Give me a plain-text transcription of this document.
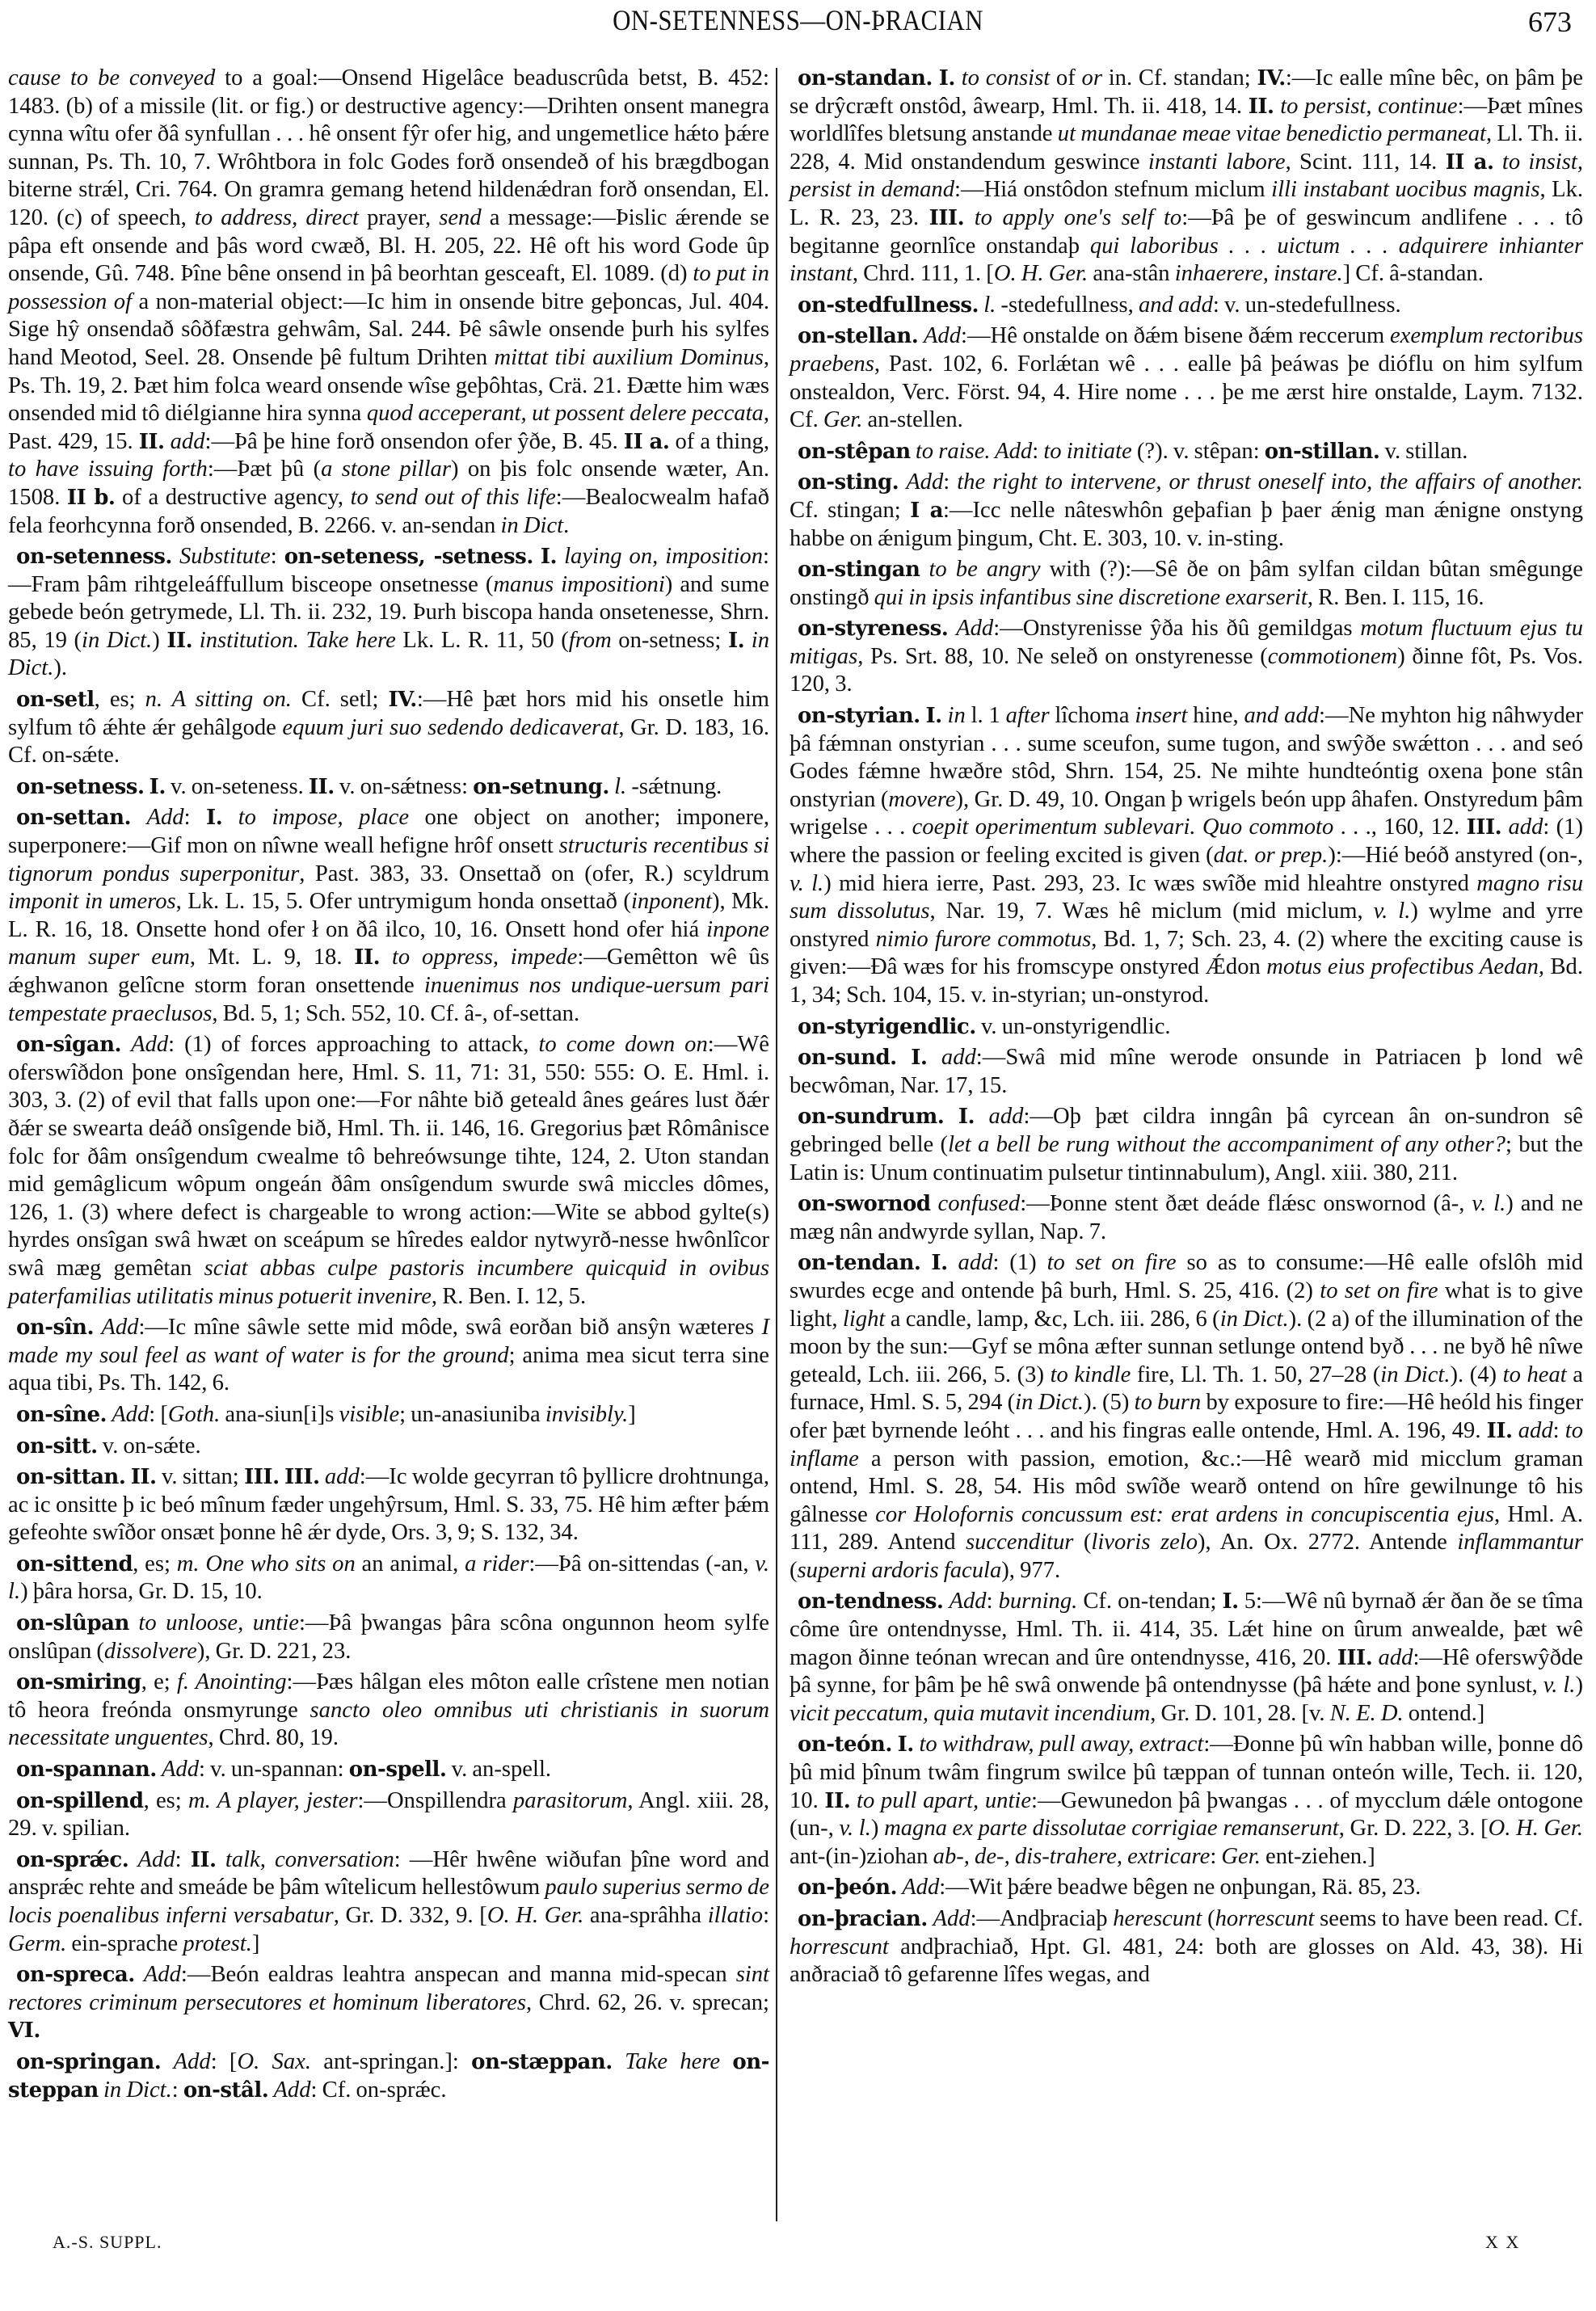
ON-SETENNESS—ON-ÞRACIAN	673

cause to be conveyed to a goal:—Onsend Higelâce beaduscrûda betst, B. 452: 1483. (b) of a missile (lit. or fig.) or destructive agency:—Drihten onsent manegra cynna wîtu ofer ðâ synfullan . . . hê onsent fŷr ofer hig, and ungemetlice hǽto þǽre sunnan, Ps. Th. 10, 7. Wrôhtbora in folc Godes forð onsendeð of his brægdbogan biterne strǽl, Cri. 764. On gramra gemang hetend hildenǽdran forð onsendan, El. 120. (c) of speech, to address, direct prayer, send a message:—Þislic ǽrende se pâpa eft onsende and þâs word cwæð, Bl. H. 205, 22. Hê oft his word Gode ûp onsende, Gû. 748. Þîne bêne onsend in þâ beorhtan gesceaft, El. 1089. (d) to put in possession of a non-material object:—Ic him in onsende bitre geþoncas, Jul. 404. Sige hŷ onsendað sôðfæstra gehwâm, Sal. 244. Þê sâwle onsende þurh his sylfes hand Meotod, Seel. 28. Onsende þê fultum Drihten mittat tibi auxilium Dominus, Ps. Th. 19, 2. Þæt him folca weard onsende wîse geþôhtas, Crä. 21. Ðætte him wæs onsended mid tô diélgianne hira synna quod acceperant, ut possent delere peccata, Past. 429, 15. II. add:—Þâ þe hine forð onsendon ofer ŷðe, B. 45. II a. of a thing, to have issuing forth:—Þæt þû (a stone pillar) on þis folc onsende wæter, An. 1508. II b. of a destructive agency, to send out of this life:—Bealocwealm hafað fela feorhcynna forð onsended, B. 2266. v. an-sendan in Dict.

on-setenness. Substitute: on-seteness, -setness. I. laying on, imposition:—Fram þâm rihtgeleáffullum bisceope onsetnesse (manus impositioni) and sume gebede beón getrymede, Ll. Th. ii. 232, 19. Þurh biscopa handa onsetenesse, Shrn. 85, 19 (in Dict.) II. institution. Take here Lk. L. R. 11, 50 (from on-setness; I. in Dict.).

on-setl, es; n. A sitting on. Cf. setl; IV.:—Hê þæt hors mid his onsetle him sylfum tô ǽhte ǽr gehâlgode equum juri suo sedendo dedicaverat, Gr. D. 183, 16. Cf. on-sǽte.

on-setness. I. v. on-seteness. II. v. on-sǽtness: on-setnung. l. -sǽtnung.

on-settan. Add: I. to impose, place one object on another; imponere, superponere:—Gif mon on nîwne weall hefigne hrôf onsett structuris recentibus si tignorum pondus superponitur, Past. 383, 33. Onsettað on (ofer, R.) scyldrum imponit in umeros, Lk. L. 15, 5. Ofer untrymigum honda onsettað (inponent), Mk. L. R. 16, 18. Onsette hond ofer ł on ðâ ilco, 10, 16. Onsett hond ofer hiá inpone manum super eum, Mt. L. 9, 18. II. to oppress, impede:—Gemêtton wê ûs ǽghwanon gelîcne storm foran onsettende inuenimus nos undique-uersum pari tempestate praeclusos, Bd. 5, 1; Sch. 552, 10. Cf. â-, of-settan.

on-sîgan. Add: (1) of forces approaching to attack, to come down on:—Wê oferswîðdon þone onsîgendan here, Hml. S. 11, 71: 31, 550: 555: O. E. Hml. i. 303, 3. (2) of evil that falls upon one:—For nâhte bið geteald ânes geáres lust ðǽr ðǽr se swearta deáð onsîgende bið, Hml. Th. ii. 146, 16. Gregorius þæt Rômânisce folc for ðâm onsîgendum cwealme tô behreówsunge tihte, 124, 2. Uton standan mid gemâglicum wôpum ongeán ðâm onsîgendum swurde swâ miccles dômes, 126, 1. (3) where defect is chargeable to wrong action:—Wite se abbod gylte(s) hyrdes onsîgan swâ hwæt on sceápum se hîredes ealdor nytwyrð-nesse hwônlîcor swâ mæg gemêtan sciat abbas culpe pastoris incumbere quicquid in ovibus paterfamilias utilitatis minus potuerit invenire, R. Ben. I. 12, 5.

on-sîn. Add:—Ic mîne sâwle sette mid môde, swâ eorðan bið ansŷn wæteres I made my soul feel as want of water is for the ground; anima mea sicut terra sine aqua tibi, Ps. Th. 142, 6.

on-sîne. Add: [Goth. ana-siun[i]s visible; un-anasiuniba invisibly.]

on-sitt. v. on-sǽte.

on-sittan. II. v. sittan; III. III. add:—Ic wolde gecyrran tô þyllicre drohtnunga, ac ic onsitte þ ic beó mînum fæder ungehŷrsum, Hml. S. 33, 75. Hê him æfter þǽm gefeohte swîðor onsæt þonne hê ǽr dyde, Ors. 3, 9; S. 132, 34.

on-sittend, es; m. One who sits on an animal, a rider:—Þâ on-sittendas (-an, v. l.) þâra horsa, Gr. D. 15, 10.

on-slûpan to unloose, untie:—Þâ þwangas þâra scôna ongunnon heom sylfe onslûpan (dissolvere), Gr. D. 221, 23.

on-smiring, e; f. Anointing:—Þæs hâlgan eles môton ealle crîstene men notian tô heora freónda onsmyrunge sancto oleo omnibus uti christianis in suorum necessitate unguentes, Chrd. 80, 19.

on-spannan. Add: v. un-spannan: on-spell. v. an-spell.

on-spillend, es; m. A player, jester:—Onspillendra parasitorum, Angl. xiii. 28, 29. v. spilian.

on-sprǽc. Add: II. talk, conversation: —Hêr hwêne wiðufan þîne word and ansprǽc rehte and smeáde be þâm wîtelicum hellestôwum paulo superius sermo de locis poenalibus inferni versabatur, Gr. D. 332, 9. [O. H. Ger. ana-sprâhha illatio: Germ. ein-sprache protest.]

on-spreca. Add:—Beón ealdras leahtra anspecan and manna mid-specan sint rectores criminum persecutores et hominum liberatores, Chrd. 62, 26. v. sprecan; VI.

on-springan. Add: [O. Sax. ant-springan.]: on-stæppan. Take here on-steppan in Dict.: on-stâl. Add: Cf. on-sprǽc.

on-standan. I. to consist of or in. Cf. standan; IV.:—Ic ealle mîne bêc, on þâm þe se drŷcræft onstôd, âwearp, Hml. Th. ii. 418, 14. II. to persist, continue:—Þæt mînes worldlîfes bletsung anstande ut mundanae meae vitae benedictio permaneat, Ll. Th. ii. 228, 4. Mid onstandendum geswince instanti labore, Scint. 111, 14. II a. to insist, persist in demand:—Hiá onstôdon stefnum miclum illi instabant uocibus magnis, Lk. L. R. 23, 23. III. to apply one's self to:—Þâ þe of geswincum andlifene . . . tô begitanne geornlîce onstandaþ qui laboribus . . . uictum . . . adquirere inhianter instant, Chrd. 111, 1. [O. H. Ger. ana-stân inhaerere, instare.] Cf. â-standan.

on-stedfullness. l. -stedefullness, and add: v. un-stedefullness.

on-stellan. Add:—Hê onstalde on ðǽm bisene ðǽm reccerum exemplum rectoribus praebens, Past. 102, 6. Forlǽtan wê . . . ealle þâ þeáwas þe dióflu on him sylfum onstealdon, Verc. Först. 94, 4. Hire nome . . . þe me ærst hire onstalde, Laym. 7132. Cf. Ger. an-stellen.

on-stêpan to raise. Add: to initiate (?). v. stêpan: on-stillan. v. stillan.

on-sting. Add: the right to intervene, or thrust oneself into, the affairs of another. Cf. stingan; I a:—Icc nelle nâteswhôn geþafian þ þaer ǽnig man ǽnigne onstyng habbe on ǽnigum þingum, Cht. E. 303, 10. v. in-sting.

on-stingan to be angry with (?):—Sê ðe on þâm sylfan cildan bûtan smêgunge onstingð qui in ipsis infantibus sine discretione exarserit, R. Ben. I. 115, 16.

on-styreness. Add:—Onstyrenisse ŷða his ðû gemildgas motum fluctuum ejus tu mitigas, Ps. Srt. 88, 10. Ne seleð on onstyrenesse (commotionem) ðinne fôt, Ps. Vos. 120, 3.

on-styrian. I. in l. 1 after lîchoma insert hine, and add:—Ne myhton hig nâhwyder þâ fǽmnan onstyrian . . . sume sceufon, sume tugon, and swŷðe swǽtton . . . and seó Godes fǽmne hwæðre stôd, Shrn. 154, 25. Ne mihte hundteóntig oxena þone stân onstyrian (movere), Gr. D. 49, 10. Ongan þ wrigels beón upp âhafen. Onstyredum þâm wrigelse . . . coepit operimentum sublevari. Quo commoto . . ., 160, 12. III. add: (1) where the passion or feeling excited is given (dat. or prep.):—Hié beóð anstyred (on-, v. l.) mid hiera ierre, Past. 293, 23. Ic wæs swîðe mid hleahtre onstyred magno risu sum dissolutus, Nar. 19, 7. Wæs hê miclum (mid miclum, v. l.) wylme and yrre onstyred nimio furore commotus, Bd. 1, 7; Sch. 23, 4. (2) where the exciting cause is given:—Ðâ wæs for his fromscype onstyred Ǽdon motus eius profectibus Aedan, Bd. 1, 34; Sch. 104, 15. v. in-styrian; un-onstyrod.

on-styrigendlic. v. un-onstyrigendlic.

on-sund. I. add:—Swâ mid mîne werode onsunde in Patriacen þ lond wê becwôman, Nar. 17, 15.

on-sundrum. I. add:—Oþ þæt cildra inngân þâ cyrcean ân on-sundron sê gebringed belle (let a bell be rung without the accompaniment of any other?; but the Latin is: Unum continuatim pulsetur tintinnabulum), Angl. xiii. 380, 211.

on-swornod confused:—Þonne stent ðæt deáde flǽsc onswornod (â-, v. l.) and ne mæg nân andwyrde syllan, Nap. 7.

on-tendan. I. add: (1) to set on fire so as to consume:—Hê ealle ofslôh mid swurdes ecge and ontende þâ burh, Hml. S. 25, 416. (2) to set on fire what is to give light, light a candle, lamp, &c, Lch. iii. 286, 6 (in Dict.). (2 a) of the illumination of the moon by the sun:—Gyf se môna æfter sunnan setlunge ontend byð . . . ne byð hê nîwe geteald, Lch. iii. 266, 5. (3) to kindle fire, Ll. Th. 1. 50, 27–28 (in Dict.). (4) to heat a furnace, Hml. S. 5, 294 (in Dict.). (5) to burn by exposure to fire:—Hê heóld his finger ofer þæt byrnende leóht . . . and his fingras ealle ontende, Hml. A. 196, 49. II. add: to inflame a person with passion, emotion, &c.:—Hê wearð mid micclum graman ontend, Hml. S. 28, 54. His môd swîðe wearð ontend on hîre gewilnunge tô his gâlnesse cor Holofornis concussum est: erat ardens in concupiscentia ejus, Hml. A. 111, 289. Antend succenditur (livoris zelo), An. Ox. 2772. Antende inflammantur (superni ardoris facula), 977.

on-tendness. Add: burning. Cf. on-tendan; I. 5:—Wê nû byrnað ǽr ðan ðe se tîma côme ûre ontendnysse, Hml. Th. ii. 414, 35. Lǽt hine on ûrum anwealde, þæt wê magon ðinne teónan wrecan and ûre ontendnysse, 416, 20. III. add:—Hê oferswŷðde þâ synne, for þâm þe hê swâ onwende þâ ontendnysse (þâ hǽte and þone synlust, v. l.) vicit peccatum, quia mutavit incendium, Gr. D. 101, 28. [v. N. E. D. ontend.]

on-teón. I. to withdraw, pull away, extract:—Ðonne þû wîn habban wille, þonne dô þû mid þînum twâm fingrum swilce þû tæppan of tunnan onteón wille, Tech. ii. 120, 10. II. to pull apart, untie:—Gewunedon þâ þwangas . . . of mycclum dǽle ontogone (un-, v. l.) magna ex parte dissolutae corrigiae remanserunt, Gr. D. 222, 3. [O. H. Ger. ant-(in-)ziohan ab-, de-, dis-trahere, extricare: Ger. ent-ziehen.]

on-þeón. Add:—Wit þǽre beadwe bêgen ne onþungan, Rä. 85, 23.

on-þracian. Add:—Andþraciaþ herescunt (horrescunt seems to have been read. Cf. horrescunt andþrachiað, Hpt. Gl. 481, 24: both are glosses on Ald. 43, 38). Hi anðraciað tô gefarenne lîfes wegas, and

A.-S. SUPPL.	X X
